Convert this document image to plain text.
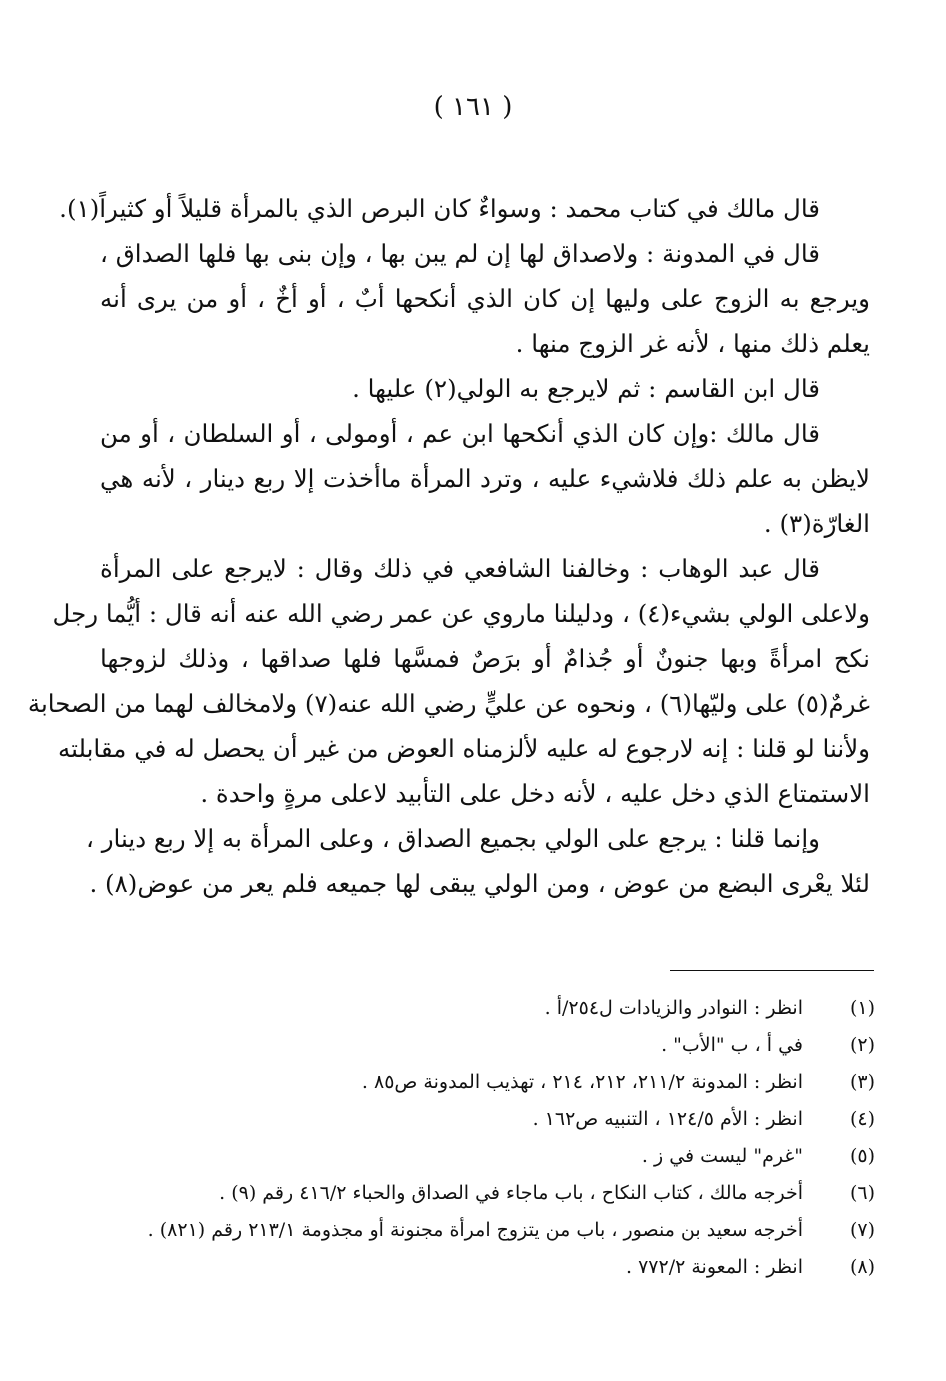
( ١٦١ )
قال مالك في كتاب محمد : وسواءٌ كان البرص الذي بالمرأة قليلاً أو كثيراً(١).
قال في المدونة : ولاصداق لها إن لم يبن بها ، وإن بنى بها فلها الصداق ،
ويرجع به الزوج على وليها إن كان الذي أنكحها أبٌ ، أو أخٌ ، أو من يرى أنه
يعلم ذلك منها ، لأنه غر الزوج منها .
قال ابن القاسم : ثم لايرجع به الولي(٢) عليها .
قال مالك :وإن كان الذي أنكحها ابن عم ، أومولى ، أو السلطان ، أو من
لايظن به علم ذلك فلاشيء عليه ، وترد المرأة ماأخذت إلا ربع دينار ، لأنه هي
الغارّة(٣) .
قال عبد الوهاب : وخالفنا الشافعي في ذلك وقال : لايرجع على المرأة
ولاعلى الولي بشيء(٤) ، ودليلنا ماروي عن عمر رضي الله عنه أنه قال : أيُّما رجل
نكح امرأةً وبها جنونٌ أو جُذامٌ أو برَصٌ فمسَّها فلها صداقها ، وذلك لزوجها
غرمٌ(٥) على وليّها(٦) ، ونحوه عن عليٍّ رضي الله عنه(٧) ولامخالف لهما من الصحابة
ولأننا لو قلنا : إنه لارجوع له عليه لألزمناه العوض من غير أن يحصل له في مقابلته
الاستمتاع الذي دخل عليه ، لأنه دخل على التأبيد لاعلى مرةٍ واحدة .
وإنما قلنا : يرجع على الولي بجميع الصداق ، وعلى المرأة به إلا ربع دينار ،
لئلا يعْرى البضع من عوض ، ومن الولي يبقى لها جميعه فلم يعر من عوض(٨) .
(١)
انظر : النوادر والزيادات ل٢٥٤/أ .
(٢)
في أ ، ب "الأب" .
(٣)
انظر : المدونة ٢١١/٢، ٢١٢، ٢١٤ ، تهذيب المدونة ص٨٥ .
(٤)
انظر : الأم ١٢٤/٥ ، التنبيه ص١٦٢ .
(٥)
"غرم" ليست في ز .
(٦)
أخرجه مالك ، كتاب النكاح ، باب ماجاء في الصداق والحباء ٤١٦/٢ رقم (٩) .
(٧)
أخرجه سعيد بن منصور ، باب من يتزوج امرأة مجنونة أو مجذومة ٢١٣/١ رقم (٨٢١) .
(٨)
انظر : المعونة ٧٧٢/٢ .
